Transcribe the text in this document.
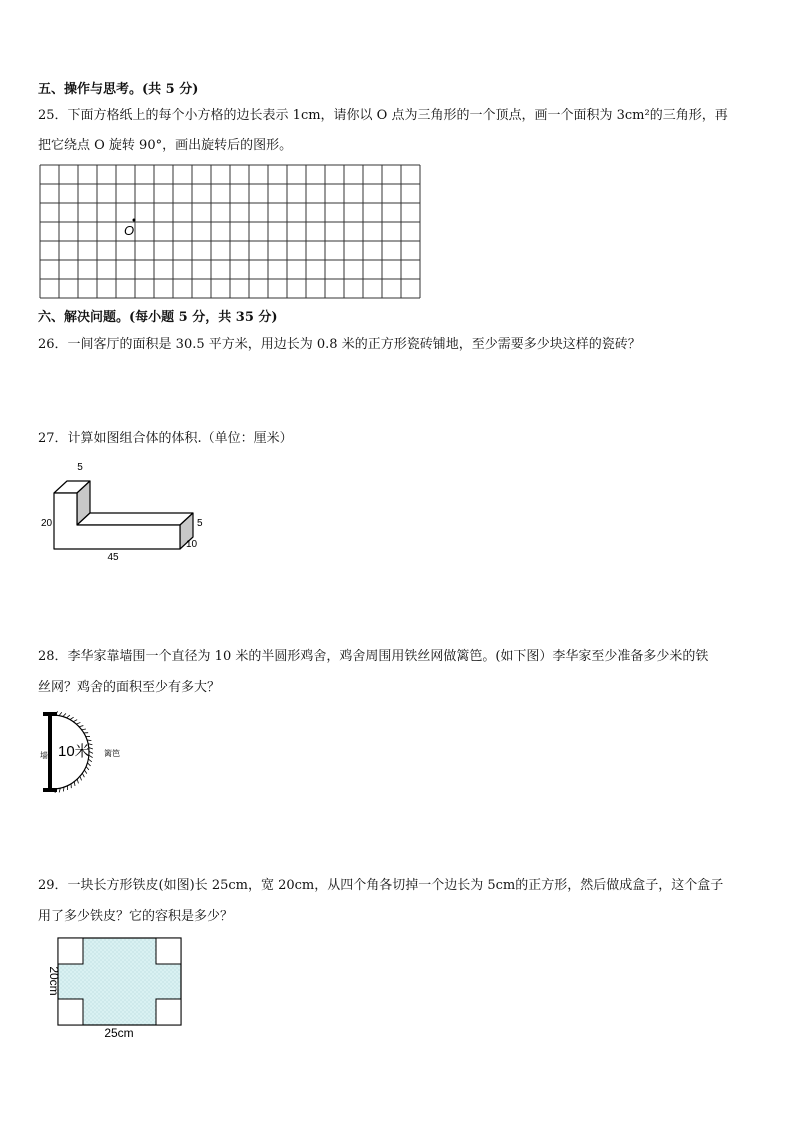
五、操作与思考。(共 5 分)
25．下面方格纸上的每个小方格的边长表示 1cm，请你以 O 点为三角形的一个顶点，画一个面积为 3cm²的三角形，再
把它绕点 O 旋转 90°，画出旋转后的图形。
O
六、解决问题。(每小题 5 分，共 35 分)
26．一间客厅的面积是 30.5 平方米，用边长为 0.8 米的正方形瓷砖铺地，至少需要多少块这样的瓷砖？
27．计算如图组合体的体积.（单位：厘米）
5
20
45
5
10
28．李华家靠墙围一个直径为 10 米的半圆形鸡舍，鸡舍周围用铁丝网做篱笆。(如下图）李华家至少准备多少米的铁
丝网？鸡舍的面积至少有多大？
墙 10米 篱笆
29．一块长方形铁皮(如图)长 25cm，宽 20cm，从四个角各切掉一个边长为 5cm的正方形，然后做成盒子，这个盒子
用了多少铁皮？它的容积是多少？
20cm
25cm
